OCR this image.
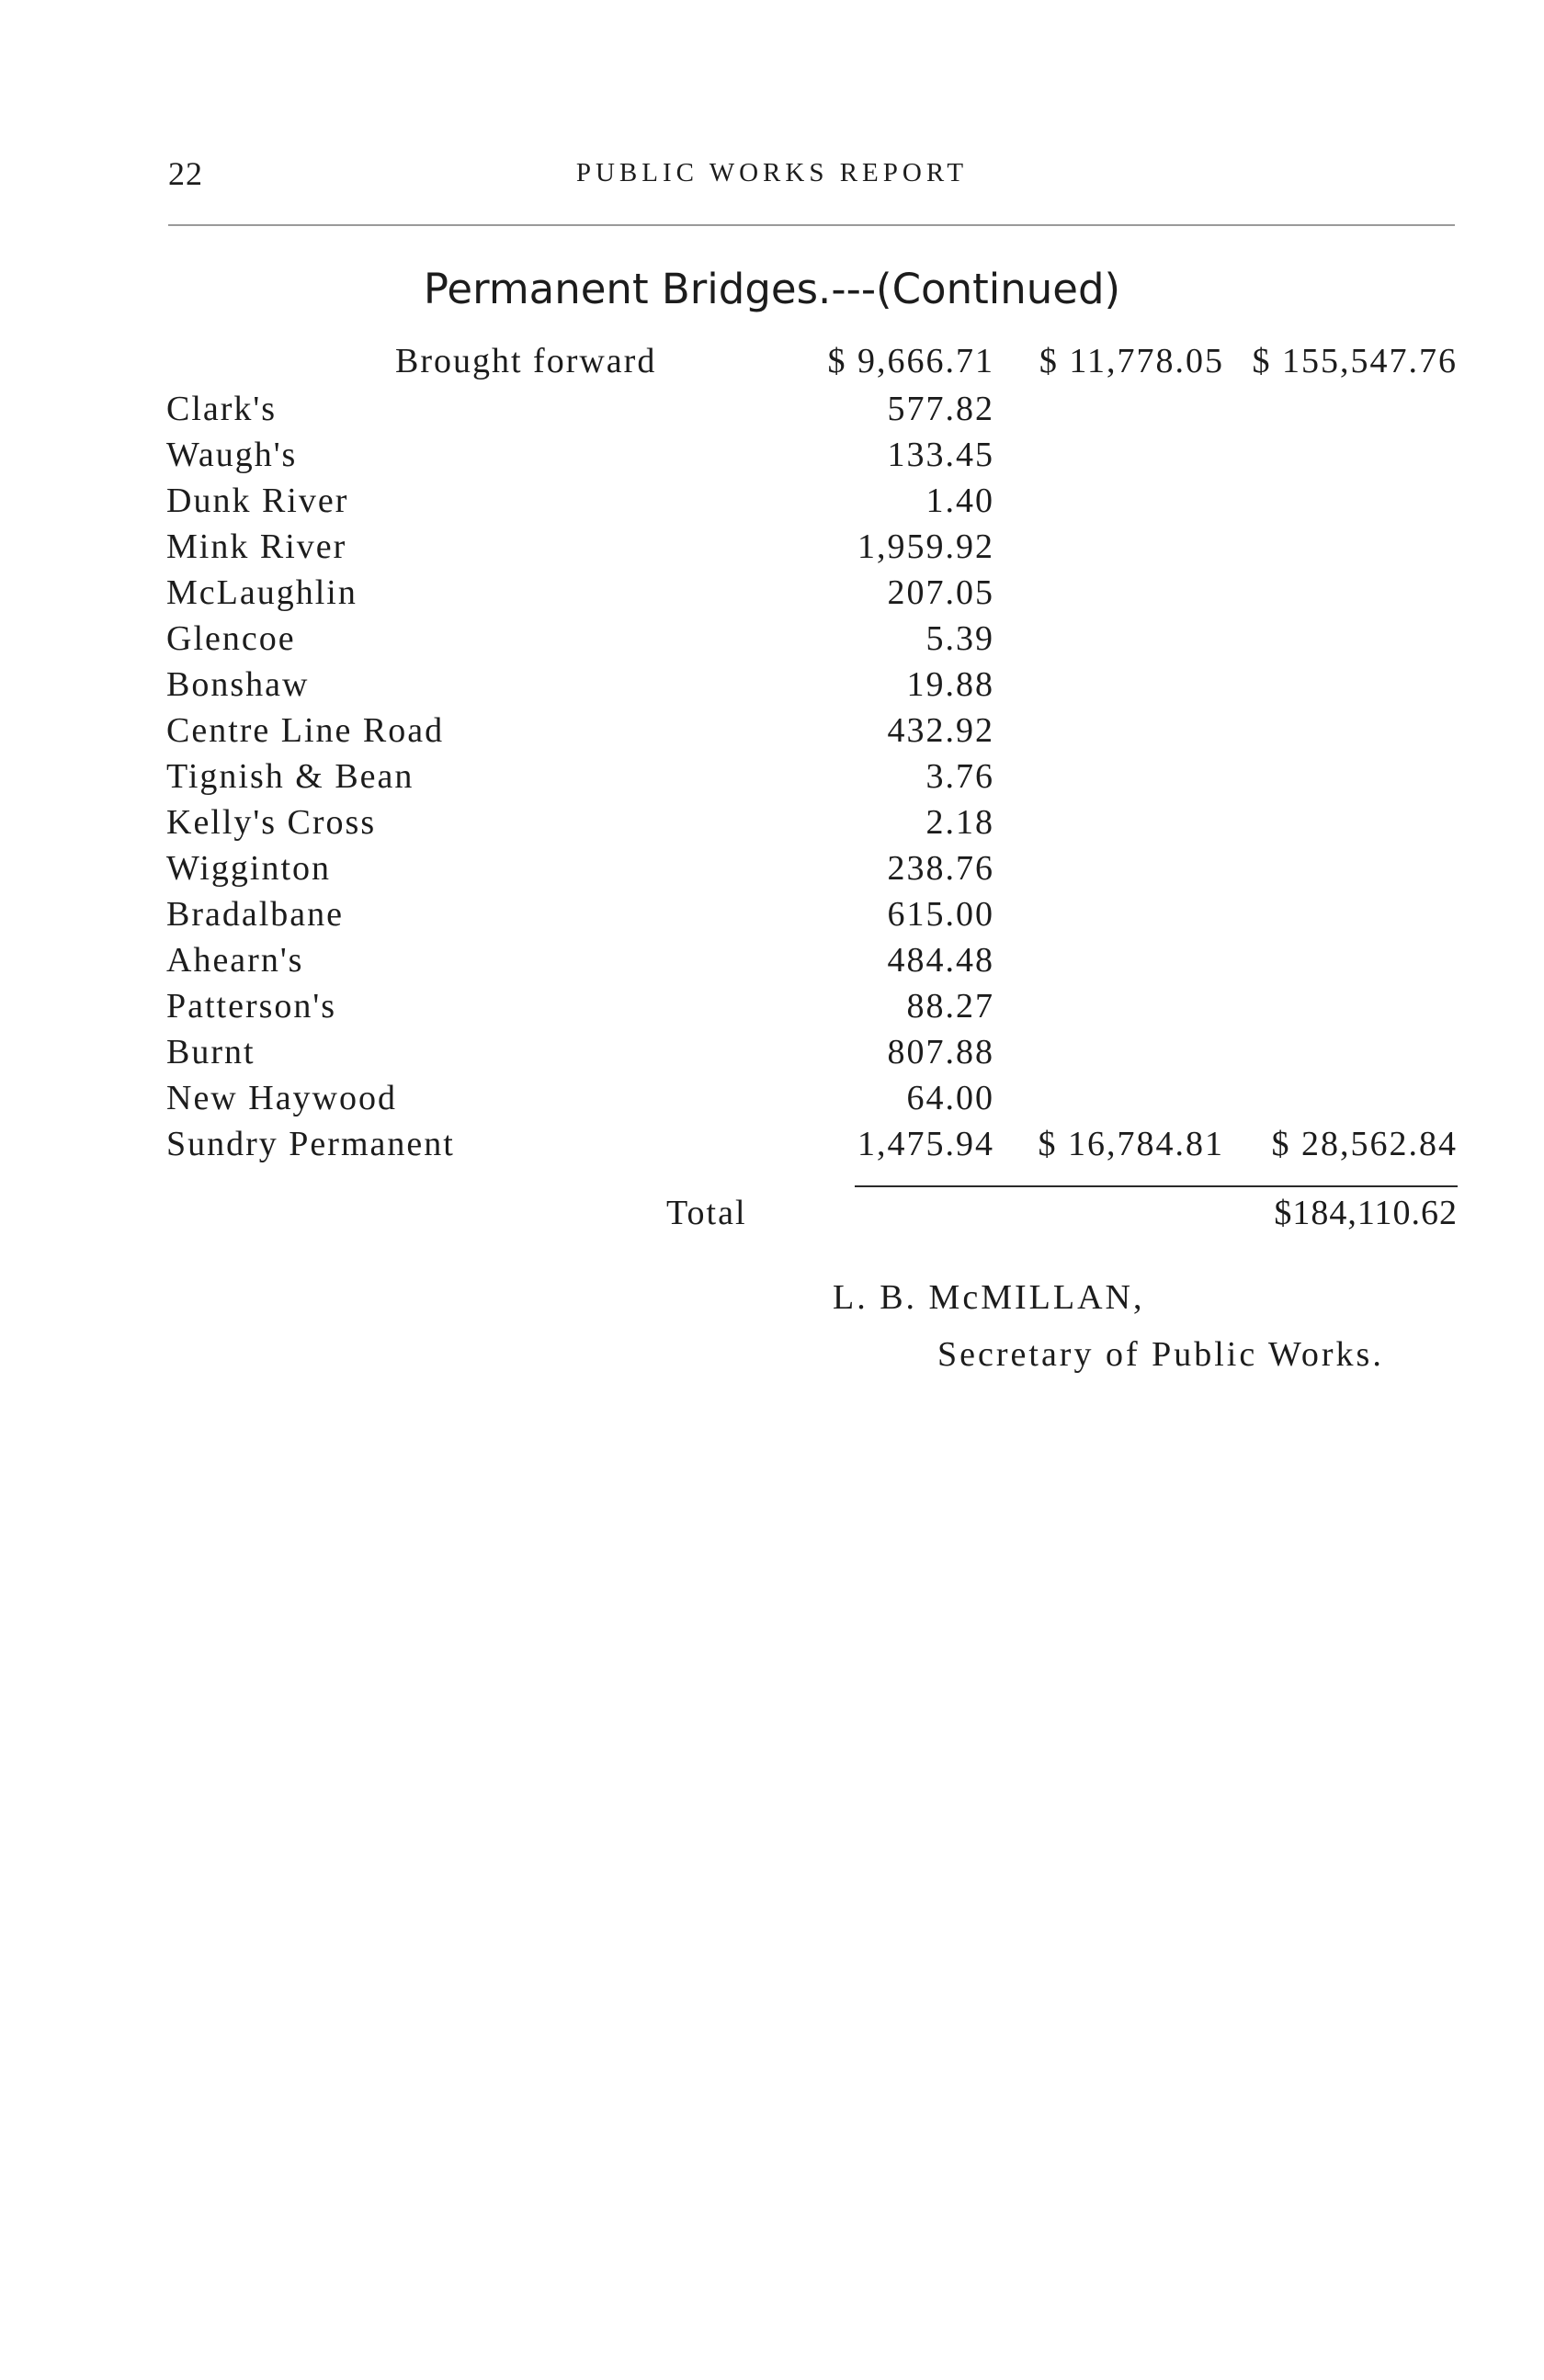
22	PUBLIC WORKS REPORT
Permanent Bridges.---(Continued)
Brought forward	$ 9,666.71 $ 11,778.05 $ 155,547.76
Clark's	577.82
Waugh's	133.45
Dunk River	1.40
Mink River	1,959.92
McLaughlin	207.05
Glencoe	5.39
Bonshaw	19.88
Centre Line Road	432.92
Tignish & Bean	3.76
Kelly's Cross	2.18
Wigginton	238.76
Bradalbane	615.00
Ahearn's	484.48
Patterson's	88.27
Burnt	807.88
New Haywood	64.00
Sundry Permanent	1,475.94 $ 16,784.81 $ 28,562.84
Total	$184,110.62
L. B. McMILLAN,
Secretary of Public Works.
